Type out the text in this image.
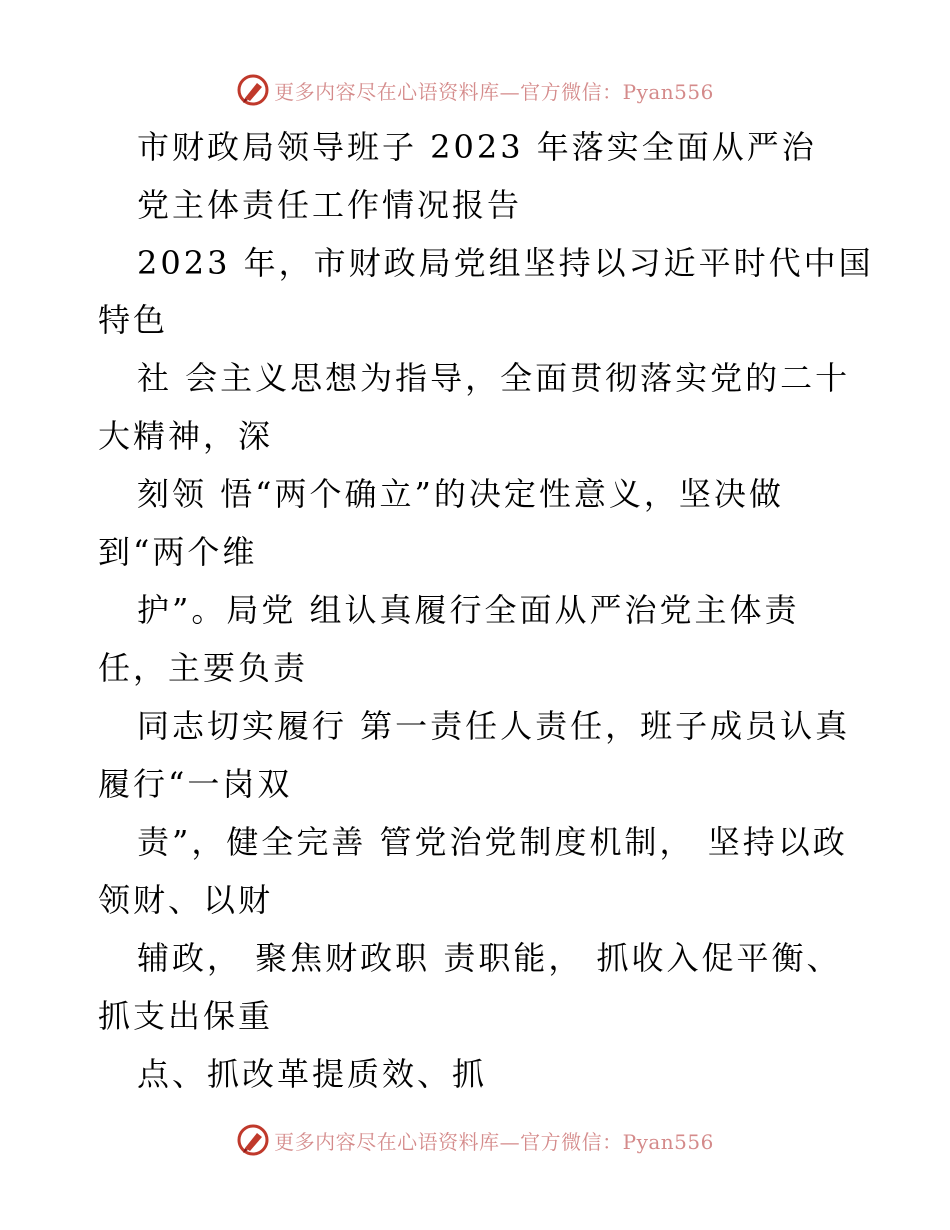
更多内容尽在心语资料库—官方微信：Pyan556
市财政局领导班子 2023 年落实全面从严治
党主体责任工作情况报告
2023 年，市财政局党组坚持以习近平时代中国
特色
社 会主义思想为指导，全面贯彻落实党的二十
大精神，深
刻领 悟“两个确立”的决定性意义，坚决做
到“两个维
护”。局党 组认真履行全面从严治党主体责
任，主要负责
同志切实履行 第一责任人责任，班子成员认真
履行“一岗双
责”，健全完善 管党治党制度机制， 坚持以政
领财、以财
辅政， 聚焦财政职 责职能， 抓收入促平衡、
抓支出保重
点、抓改革提质效、抓
更多内容尽在心语资料库—官方微信：Pyan556
